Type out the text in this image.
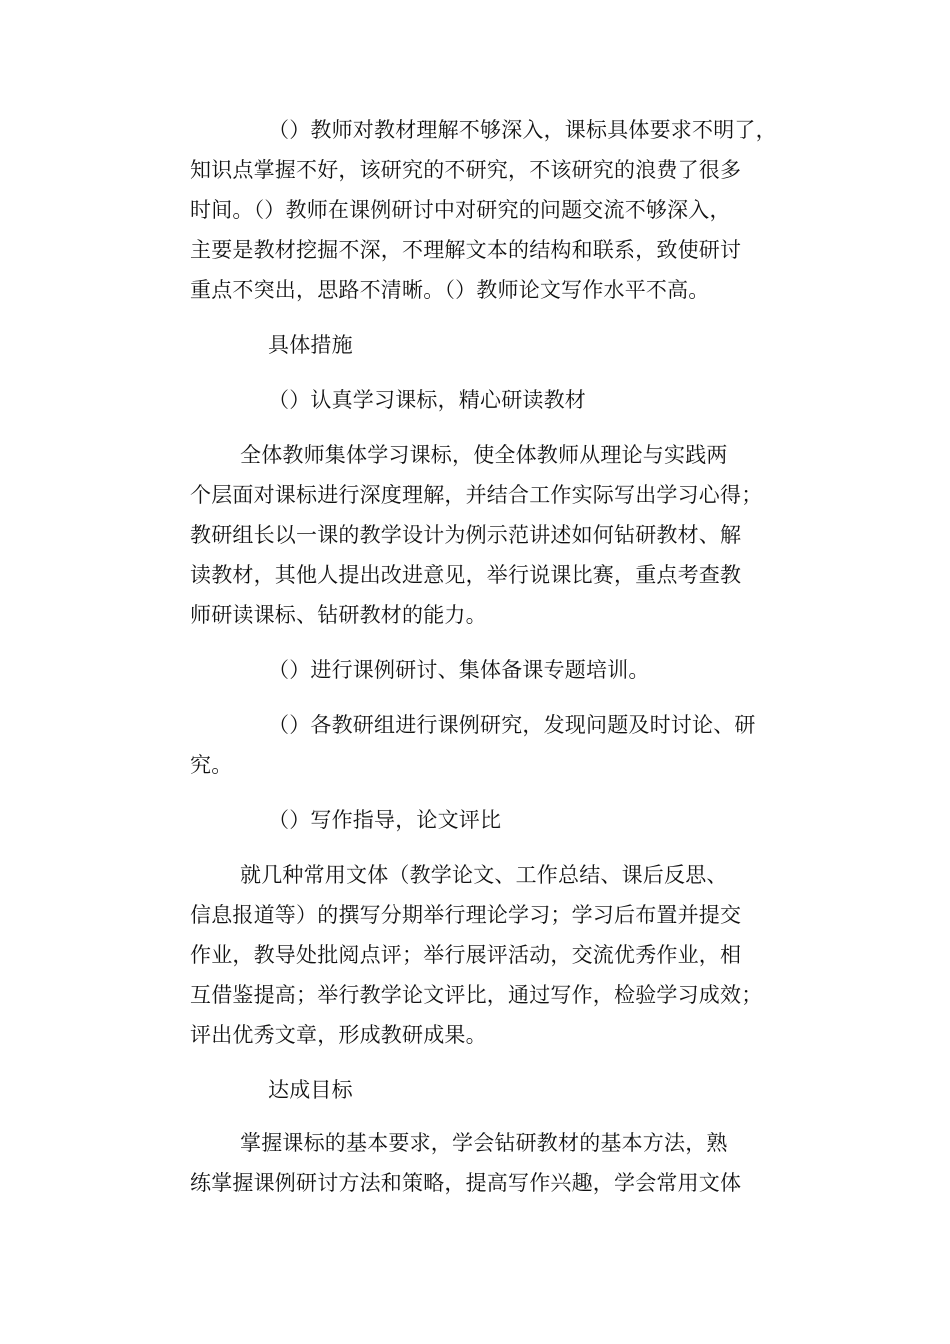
（）教师对教材理解不够深入，课标具体要求不明了，
知识点掌握不好，该研究的不研究，不该研究的浪费了很多
时间。（）教师在课例研讨中对研究的问题交流不够深入，
主要是教材挖掘不深，不理解文本的结构和联系，致使研讨
重点不突出，思路不清晰。（）教师论文写作水平不高。
具体措施
（）认真学习课标，精心研读教材
全体教师集体学习课标，使全体教师从理论与实践两
个层面对课标进行深度理解，并结合工作实际写出学习心得；
教研组长以一课的教学设计为例示范讲述如何钻研教材、解
读教材，其他人提出改进意见，举行说课比赛，重点考查教
师研读课标、钻研教材的能力。
（）进行课例研讨、集体备课专题培训。
（）各教研组进行课例研究，发现问题及时讨论、研
究。
（）写作指导，论文评比
就几种常用文体（教学论文、工作总结、课后反思、
信息报道等）的撰写分期举行理论学习；学习后布置并提交
作业，教导处批阅点评；举行展评活动，交流优秀作业，相
互借鉴提高；举行教学论文评比，通过写作，检验学习成效；
评出优秀文章，形成教研成果。
达成目标
掌握课标的基本要求，学会钻研教材的基本方法，熟
练掌握课例研讨方法和策略，提高写作兴趣，学会常用文体
